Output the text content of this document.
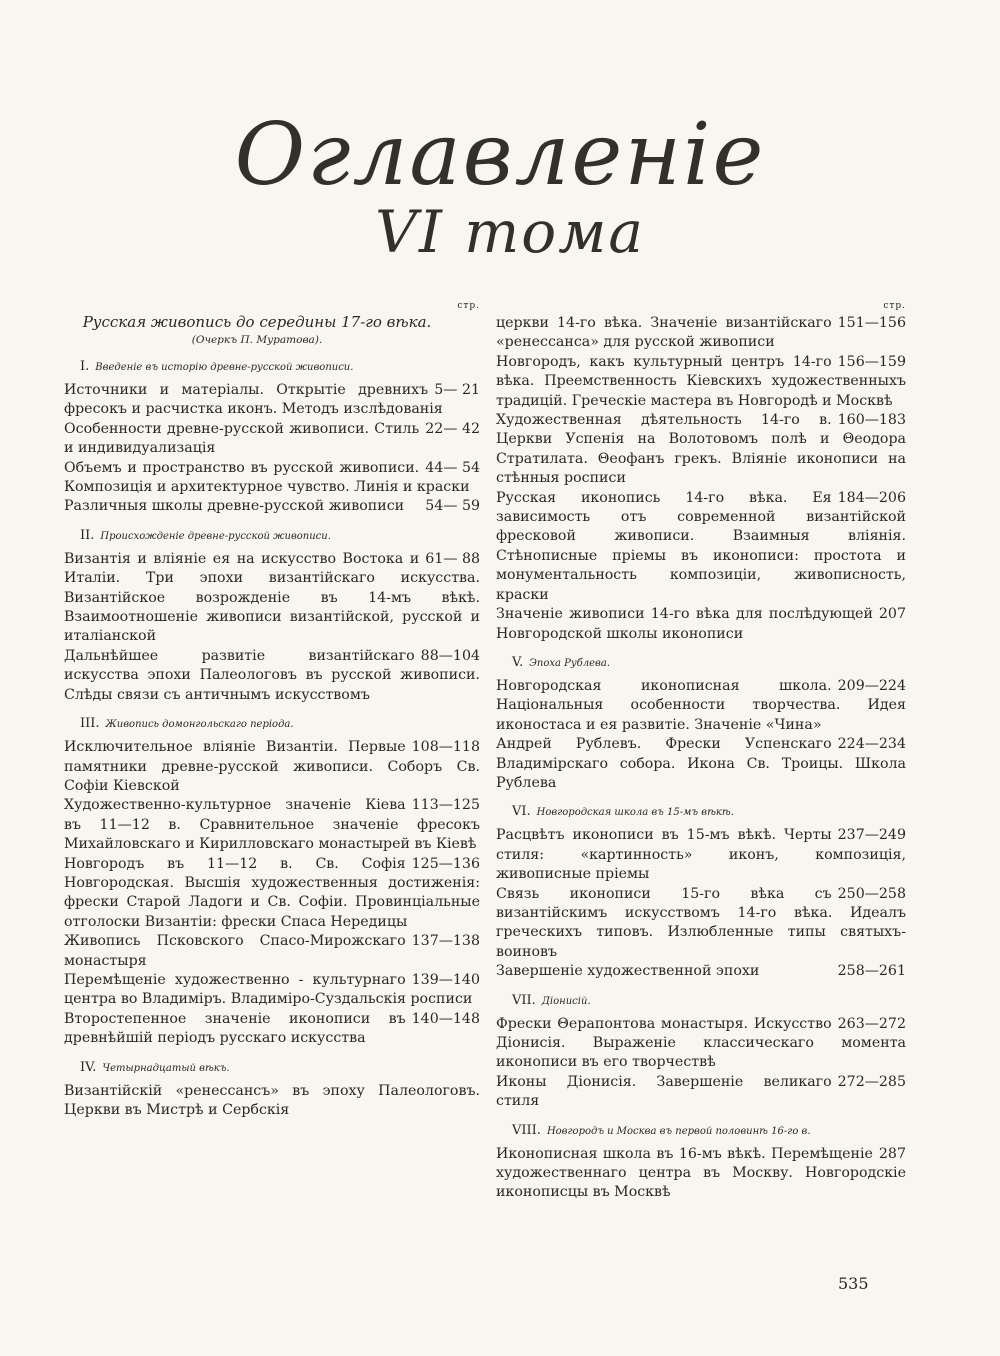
Оглавленіе
VI тома
стр.
Русская живопись до середины 17-го вѣка.
(Очеркъ П. Муратова).
I. Введеніе въ исторію древне-русской живописи.
5— 21
Источники и матеріалы. Открытіе древнихъ фресокъ и расчистка иконъ. Методъ изслѣдованія
22— 42
Особенности древне-русской живописи. Стиль и индивидуализація
44— 54
Объемъ и пространство въ русской живописи. Композиція и архитектурное чувство. Линія и краски
54— 59
Различныя школы древне-русской живописи
II. Происхожденіе древне-русской живописи.
61— 88
Византія и вліяніе ея на искусство Востока и Италіи. Три эпохи византійскаго искусства. Византійское возрожденіе въ 14-мъ вѣкѣ. Взаимоотношеніе живописи византійской, русской и италіанской
88—104
Дальнѣйшее развитіе византійскаго искусства эпохи Палеологовъ въ русской живописи. Слѣды связи съ античнымъ искусствомъ
III. Живопись домонгольскаго періода.
108—118
Исключительное вліяніе Византіи. Первые памятники древне-русской живописи. Соборъ Св. Софіи Кіевской
113—125
Художественно-культурное значеніе Кіева въ 11—12 в. Сравнительное значеніе фресокъ Михайловскаго и Кирилловскаго монастырей въ Кіевѣ
125—136
Новгородъ въ 11—12 в. Св. Софія Новгородская. Высшія художественныя достиженія: фрески Старой Ладоги и Св. Софіи. Провинціальные отголоски Византіи: фрески Спаса Нередицы
137—138
Живопись Псковского Спасо-Мирожскаго монастыря
139—140
Перемѣщеніе художественно - культурнаго центра во Владиміръ. Владиміро-Суздальскія росписи
140—148
Второстепенное значеніе иконописи въ древнѣйшій періодъ русскаго искусства
IV. Четырнадцатый вѣкъ.
Византійскій «ренессансъ» въ эпоху Палеологовъ. Церкви въ Мистрѣ и Сербскія
стр.
151—156
церкви 14-го вѣка. Значеніе византійскаго «ренессанса» для русской живописи
156—159
Новгородъ, какъ культурный центръ 14-го вѣка. Преемственность Кіевскихъ художественныхъ традицій. Греческіе мастера въ Новгородѣ и Москвѣ
160—183
Художественная дѣятельность 14-го в. Церкви Успенія на Волотовомъ полѣ и Θеодора Стратилата. Θеофанъ грекъ. Вліяніе иконописи на стѣнныя росписи
184—206
Русская иконопись 14-го вѣка. Ея зависимость отъ современной византійской фресковой живописи. Взаимныя вліянія. Стѣнописные пріемы въ иконописи: простота и монументальность композиціи, живописность, краски
207
Значеніе живописи 14-го вѣка для послѣдующей Новгородской школы иконописи
V. Эпоха Рублева.
209—224
Новгородская иконописная школа. Національныя особенности творчества. Идея иконостаса и ея развитіе. Значеніе «Чина»
224—234
Андрей Рублевъ. Фрески Успенскаго Владимірскаго собора. Икона Св. Троицы. Школа Рублева
VI. Новгородская школа въ 15-мъ вѣкѣ.
237—249
Расцвѣтъ иконописи въ 15-мъ вѣкѣ. Черты стиля: «картинность» иконъ, композиція, живописные пріемы
250—258
Связь иконописи 15-го вѣка съ византійскимъ искусствомъ 14-го вѣка. Идеалъ греческихъ типовъ. Излюбленные типы святыхъ-воиновъ
258—261
Завершеніе художественной эпохи
VII. Діонисій.
263—272
Фрески Θерапонтова монастыря. Искусство Діонисія. Выраженіе классическаго момента иконописи въ его творчествѣ
272—285
Иконы Діонисія. Завершеніе великаго стиля
VIII. Новгородъ и Москва въ первой половинѣ 16-го в.
287
Иконописная школа въ 16-мъ вѣкѣ. Перемѣщеніе художественнаго центра въ Москву. Новгородскіе иконописцы въ Москвѣ
535
